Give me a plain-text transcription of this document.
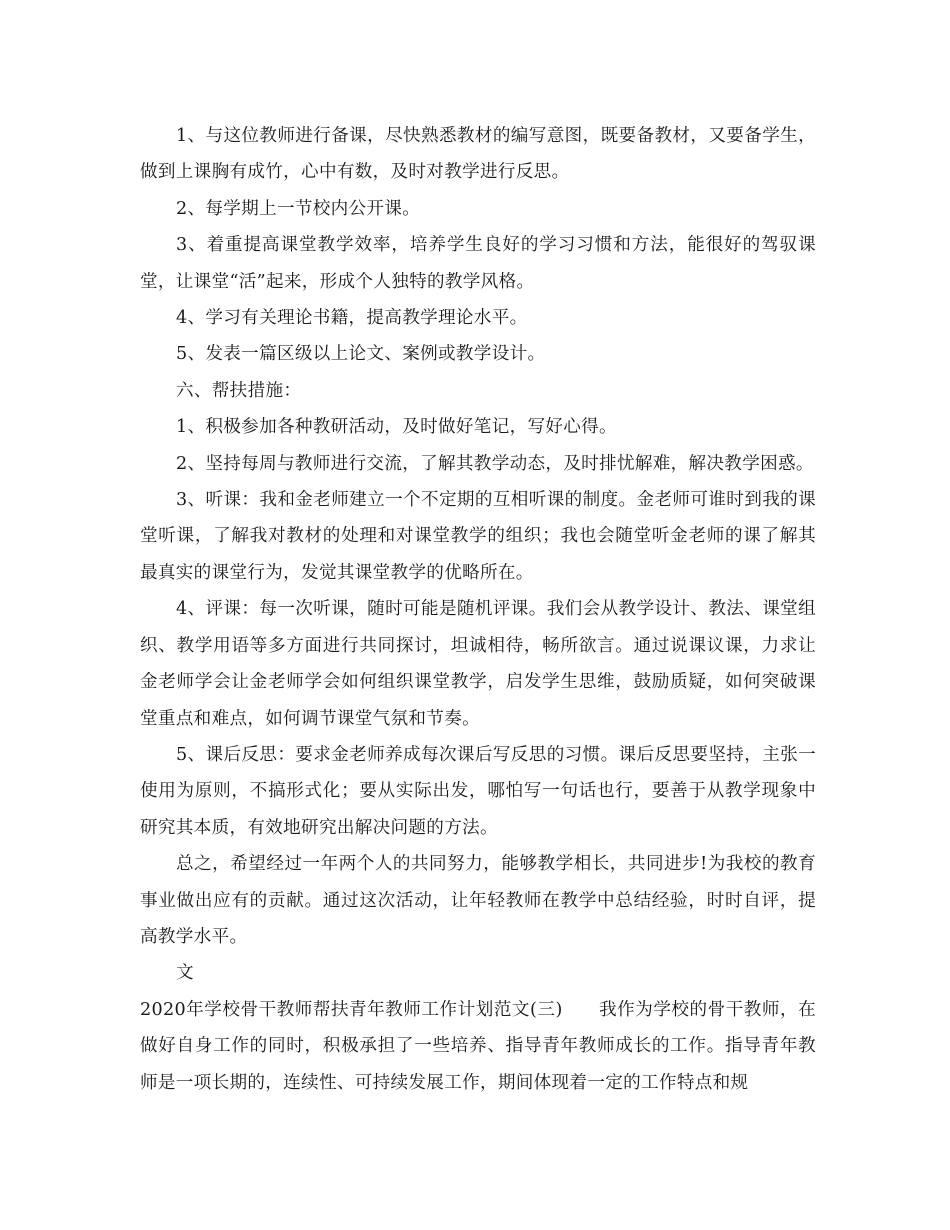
1、与这位教师进行备课，尽快熟悉教材的编写意图，既要备教材，又要备学生，做到上课胸有成竹，心中有数，及时对教学进行反思。

2、每学期上一节校内公开课。

3、着重提高课堂教学效率，培养学生良好的学习习惯和方法，能很好的驾驭课堂，让课堂“活”起来，形成个人独特的教学风格。

4、学习有关理论书籍，提高教学理论水平。

5、发表一篇区级以上论文、案例或教学设计。

六、帮扶措施：

1、积极参加各种教研活动，及时做好笔记，写好心得。

2、坚持每周与教师进行交流，了解其教学动态，及时排忧解难，解决教学困惑。

3、听课：我和金老师建立一个不定期的互相听课的制度。金老师可谁时到我的课堂听课，了解我对教材的处理和对课堂教学的组织；我也会随堂听金老师的课了解其最真实的课堂行为，发觉其课堂教学的优略所在。

4、评课：每一次听课，随时可能是随机评课。我们会从教学设计、教法、课堂组织、教学用语等多方面进行共同探讨，坦诚相待，畅所欲言。通过说课议课，力求让金老师学会让金老师学会如何组织课堂教学，启发学生思维，鼓励质疑，如何突破课堂重点和难点，如何调节课堂气氛和节奏。

5、课后反思：要求金老师养成每次课后写反思的习惯。课后反思要坚持，主张一使用为原则，不搞形式化；要从实际出发，哪怕写一句话也行，要善于从教学现象中研究其本质，有效地研究出解决问题的方法。

总之，希望经过一年两个人的共同努力，能够教学相长，共同进步!为我校的教育事业做出应有的贡献。通过这次活动，让年轻教师在教学中总结经验，时时自评，提高教学水平。

文

2020年学校骨干教师帮扶青年教师工作计划范文(三)　　我作为学校的骨干教师，在做好自身工作的同时，积极承担了一些培养、指导青年教师成长的工作。指导青年教师是一项长期的，连续性、可持续发展工作，期间体现着一定的工作特点和规
